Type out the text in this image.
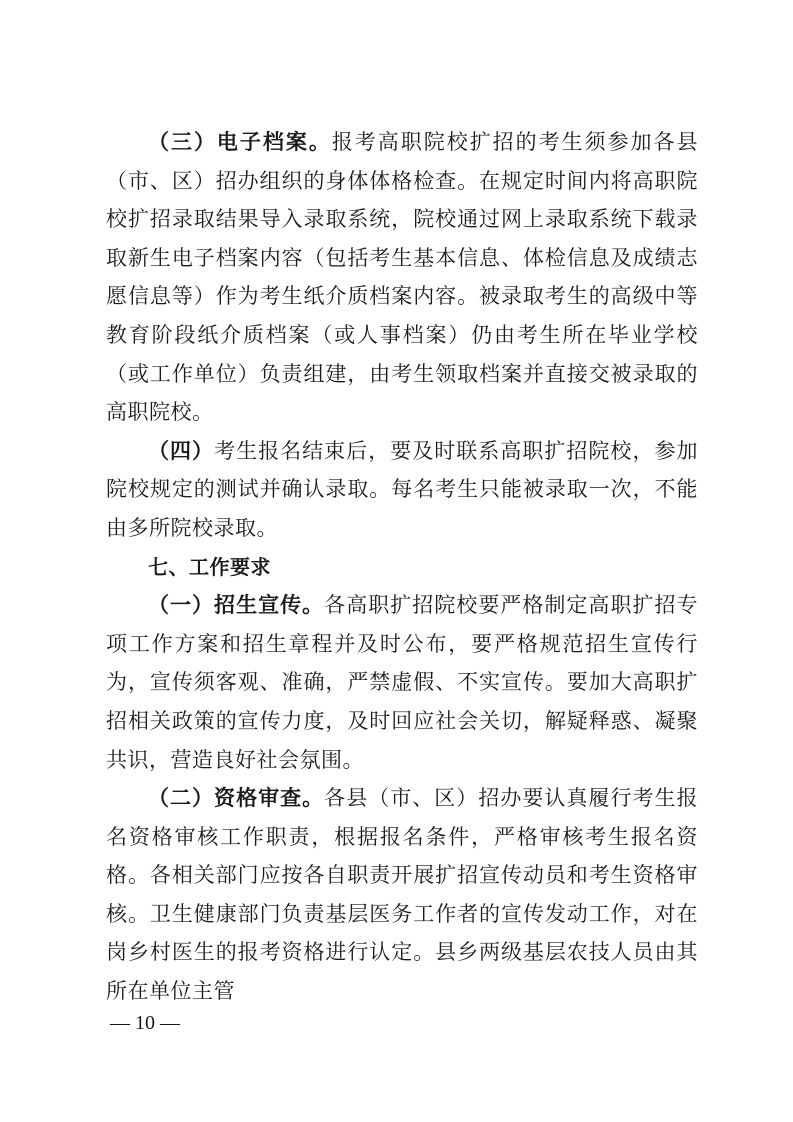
（三）电子档案。报考高职院校扩招的考生须参加各县（市、区）招办组织的身体体格检查。在规定时间内将高职院校扩招录取结果导入录取系统，院校通过网上录取系统下载录取新生电子档案内容（包括考生基本信息、体检信息及成绩志愿信息等）作为考生纸介质档案内容。被录取考生的高级中等教育阶段纸介质档案（或人事档案）仍由考生所在毕业学校（或工作单位）负责组建，由考生领取档案并直接交被录取的高职院校。

（四）考生报名结束后，要及时联系高职扩招院校，参加院校规定的测试并确认录取。每名考生只能被录取一次，不能由多所院校录取。

七、工作要求

（一）招生宣传。各高职扩招院校要严格制定高职扩招专项工作方案和招生章程并及时公布，要严格规范招生宣传行为，宣传须客观、准确，严禁虚假、不实宣传。要加大高职扩招相关政策的宣传力度，及时回应社会关切，解疑释惑、凝聚共识，营造良好社会氛围。

（二）资格审查。各县（市、区）招办要认真履行考生报名资格审核工作职责，根据报名条件，严格审核考生报名资格。各相关部门应按各自职责开展扩招宣传动员和考生资格审核。卫生健康部门负责基层医务工作者的宣传发动工作，对在岗乡村医生的报考资格进行认定。县乡两级基层农技人员由其所在单位主管

— 10 —
